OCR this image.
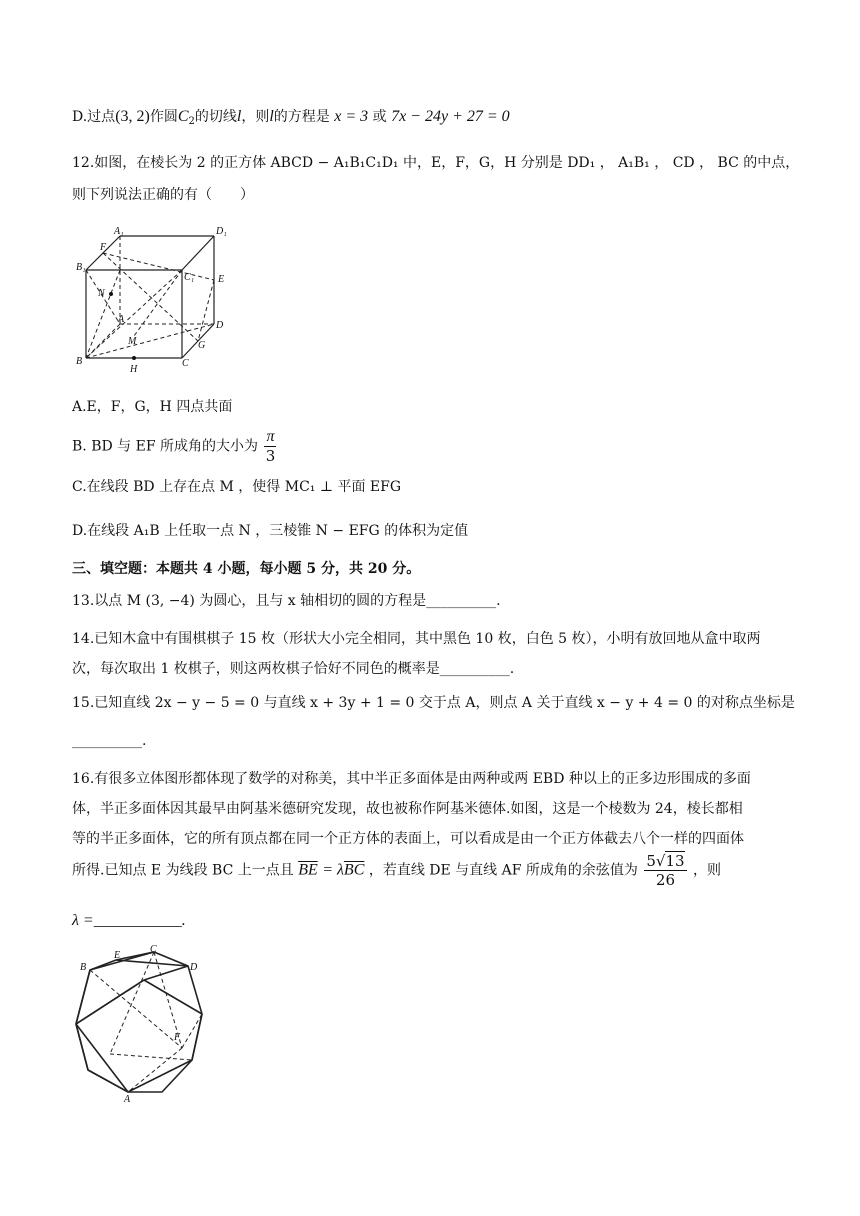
D.过点(3, 2)作圆$C_2$的切线l，则l的方程是 x = 3 或 7x − 24y + 27 = 0
12.如图，在棱长为 2 的正方体 ABCD − A₁B₁C₁D₁ 中，E，F，G，H 分别是 DD₁ ， A₁B₁ ， CD ， BC 的中点，
则下列说法正确的有（　　）
A₁	D₁
F
B₁
C₁ E
N
A
D
M	G
B	C
H
A.E，F，G，H 四点共面
B. BD 与 EF 所成角的大小为 $\frac{\pi}{3}$
C.在线段 BD 上存在点 M ，使得 MC₁ ⊥ 平面 EFG
D.在线段 A₁B 上任取一点 N ，三棱锥 N − EFG 的体积为定值
三、填空题：本题共 4 小题，每小题 5 分，共 20 分。
13.以点 M (3, −4) 为圆心，且与 x 轴相切的圆的方程是__________.
14.已知木盒中有围棋棋子 15 枚（形状大小完全相同，其中黑色 10 枚，白色 5 枚），小明有放回地从盒中取两
次，每次取出 1 枚棋子，则这两枚棋子恰好不同色的概率是__________.
15.已知直线 2x − y − 5 = 0 与直线 x + 3y + 1 = 0 交于点 A，则点 A 关于直线 x − y + 4 = 0 的对称点坐标是
__________.
16.有很多立体图形都体现了数学的对称美，其中半正多面体是由两种或两 EBD 种以上的正多边形围成的多面
体，半正多面体因其最早由阿基米德研究发现，故也被称作阿基米德体.如图，这是一个棱数为 24，棱长都相
等的半正多面体，它的所有顶点都在同一个正方体的表面上，可以看成是由一个正方体截去八个一样的四面体
所得.已知点 E 为线段 BC 上一点且 $\overline{BE} = \lambda\overline{BC}$ ，若直线 DE 与直线 AF 所成角的余弦值为 $\frac{5√13}{26}$ ，则
λ =___________.
C
E
B	D
F
A
